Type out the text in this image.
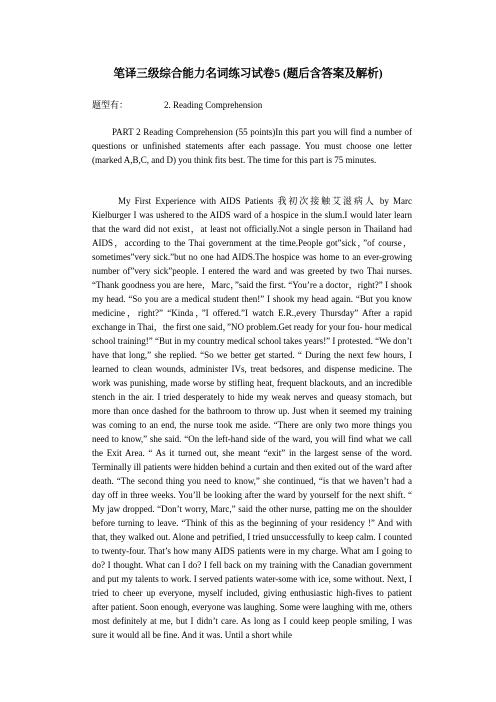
笔译三级综合能力名词练习试卷5 (题后含答案及解析)
题型有：	2. Reading Comprehension
PART 2 Reading Comprehension (55 points)In this part you will find a number of questions or unfinished statements after each passage. You must choose one letter (marked A,B,C, and D) you think fits best. The time for this part is 75 minutes.
My First Experience with AIDS Patients 我初次接触艾滋病人 by Marc Kielburger I was ushered to the AIDS ward of a hospice in the slum.I would later learn that the ward did not exist，at least not officially.Not a single person in Thailand had AIDS，according to the Thai government at the time.People got”sick，”of course，sometimes”very sick.”but no one had AIDS.The hospice was home to an ever-growing number of”very sick”people. I entered the ward and was greeted by two Thai nurses. “Thank goodness you are here，Marc，”said the first. “You’re a doctor，right?” I shook my head. “So you are a medical student then!” I shook my head again. “But you know medicine，right?” “Kinda，”I offered.”I watch E.R.,every Thursday” After a rapid exchange in Thai，the first one said，”NO problem.Get ready for your fou- hour medical school training!” “But in my country medical school takes years!” I protested. “We don’t have that long,” she replied. “So we better get started. “ During the next few hours, I learned to clean wounds, administer IVs, treat bedsores, and dispense medicine. The work was punishing, made worse by stifling heat, frequent blackouts, and an incredible stench in the air. I tried desperately to hide my weak nerves and queasy stomach, but more than once dashed for the bathroom to throw up. Just when it seemed my training was coming to an end, the nurse took me aside. “There are only two more things you need to know,” she said. “On the left-hand side of the ward, you will find what we call the Exit Area. “ As it turned out, she meant “exit” in the largest sense of the word. Terminally ill patients were hidden behind a curtain and then exited out of the ward after death. “The second thing you need to know,” she continued, “is that we haven’t had a day off in three weeks. You’ll be looking after the ward by yourself for the next shift. “ My jaw dropped. “Don’t worry, Marc,” said the other nurse, patting me on the shoulder before turning to leave. “Think of this as the beginning of your residency !” And with that, they walked out. Alone and petrified, I tried unsuccessfully to keep calm. I counted to twenty-four. That’s how many AIDS patients were in my charge. What am I going to do? I thought. What can I do? I fell back on my training with the Canadian government and put my talents to work. I served patients water-some with ice, some without. Next, I tried to cheer up everyone, myself included, giving enthusiastic high-fives to patient after patient. Soon enough, everyone was laughing. Some were laughing with me, others most definitely at me, but I didn’t care. As long as I could keep people smiling, I was sure it would all be fine. And it was. Until a short while
